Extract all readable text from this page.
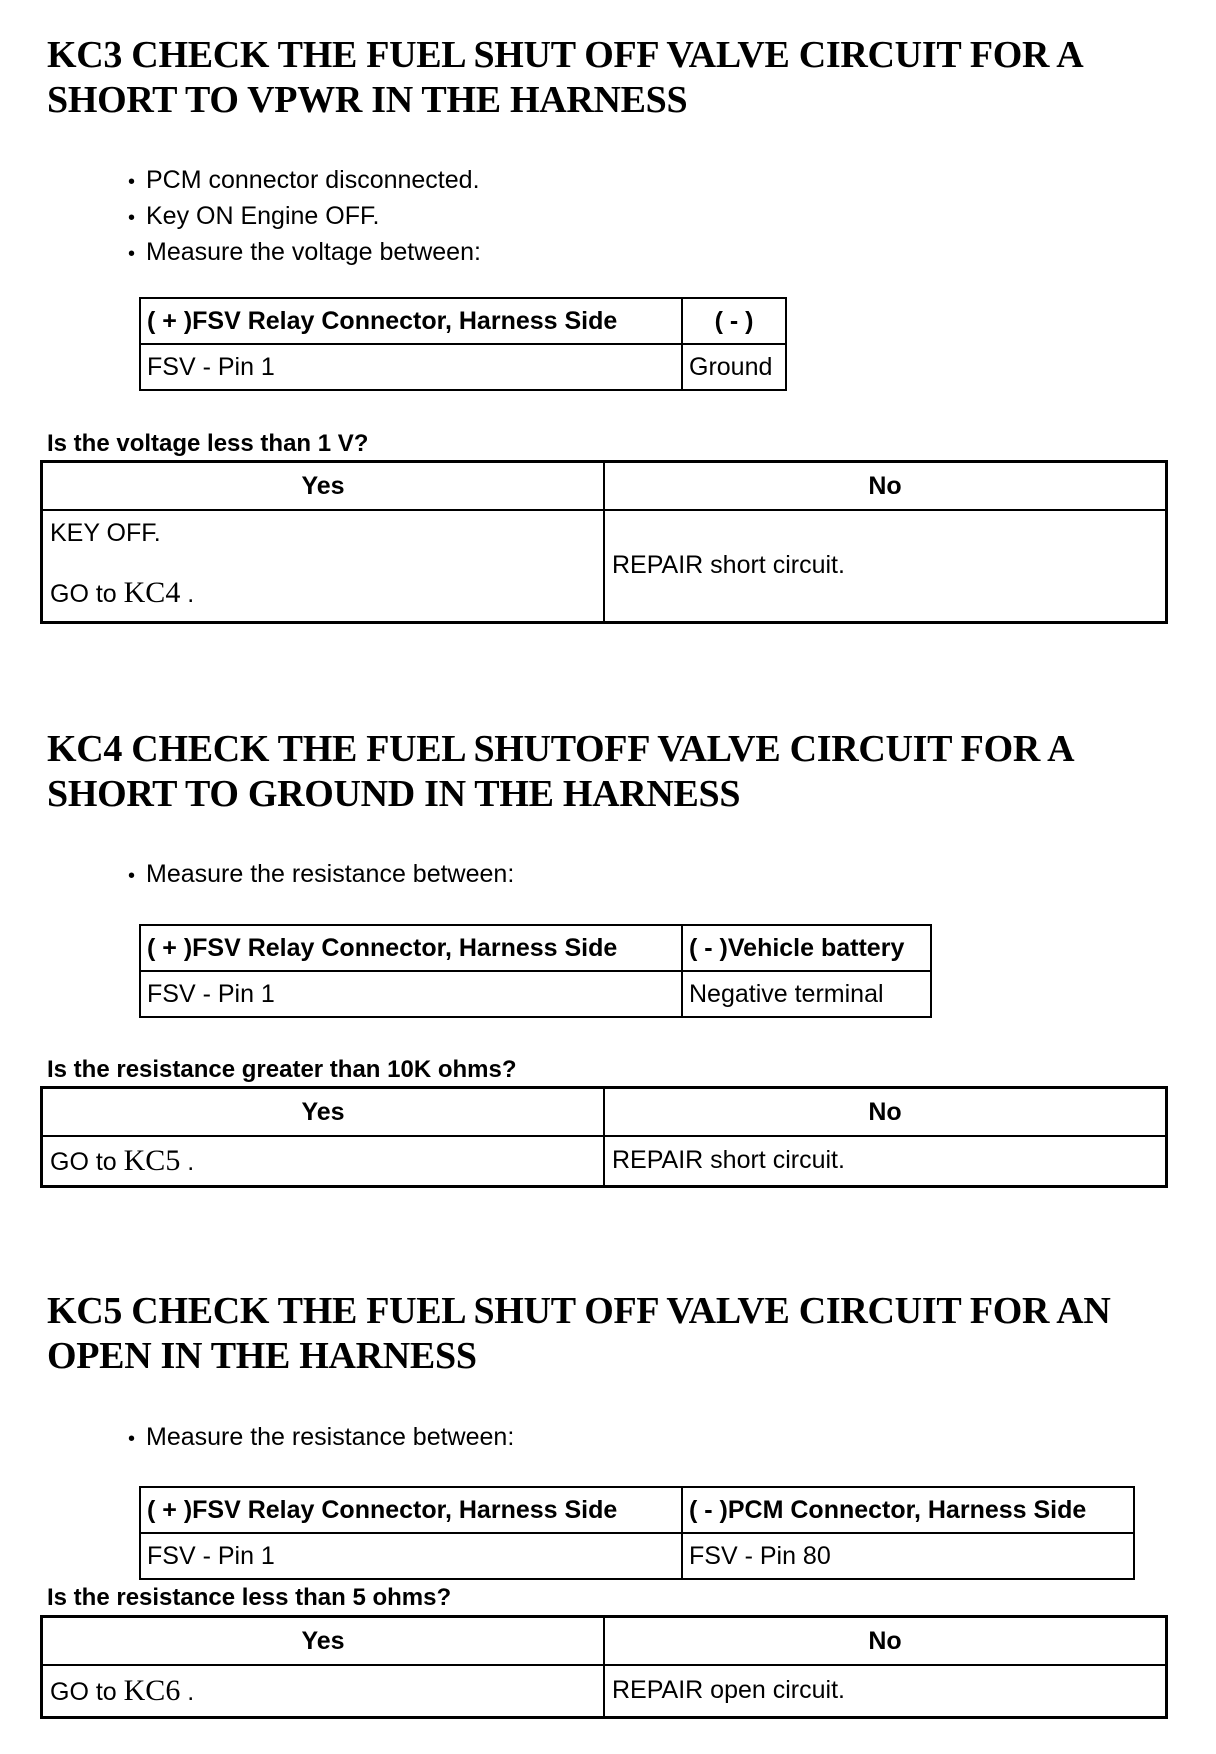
KC3 CHECK THE FUEL SHUT OFF VALVE CIRCUIT FOR A
SHORT TO VPWR IN THE HARNESS
• PCM connector disconnected.
• Key ON Engine OFF.
• Measure the voltage between:
( + )FSV Relay Connector, Harness Side	( - )
FSV - Pin 1	Ground

Is the voltage less than 1 V?

Yes	No

KEY OFF.
GO to KC4 .	REPAIR short circuit.
KC4 CHECK THE FUEL SHUTOFF VALVE CIRCUIT FOR A
SHORT TO GROUND IN THE HARNESS
• Measure the resistance between:
( + )FSV Relay Connector, Harness Side	( - )Vehicle battery
FSV - Pin 1	Negative terminal

Is the resistance greater than 10K ohms?

Yes	No
GO to KC5 .	REPAIR short circuit.
KC5 CHECK THE FUEL SHUT OFF VALVE CIRCUIT FOR AN
OPEN IN THE HARNESS
• Measure the resistance between:
( + )FSV Relay Connector, Harness Side	( - )PCM Connector, Harness Side
FSV - Pin 1	FSV - Pin 80

Is the resistance less than 5 ohms?

Yes	No
GO to KC6 .	REPAIR open circuit.
